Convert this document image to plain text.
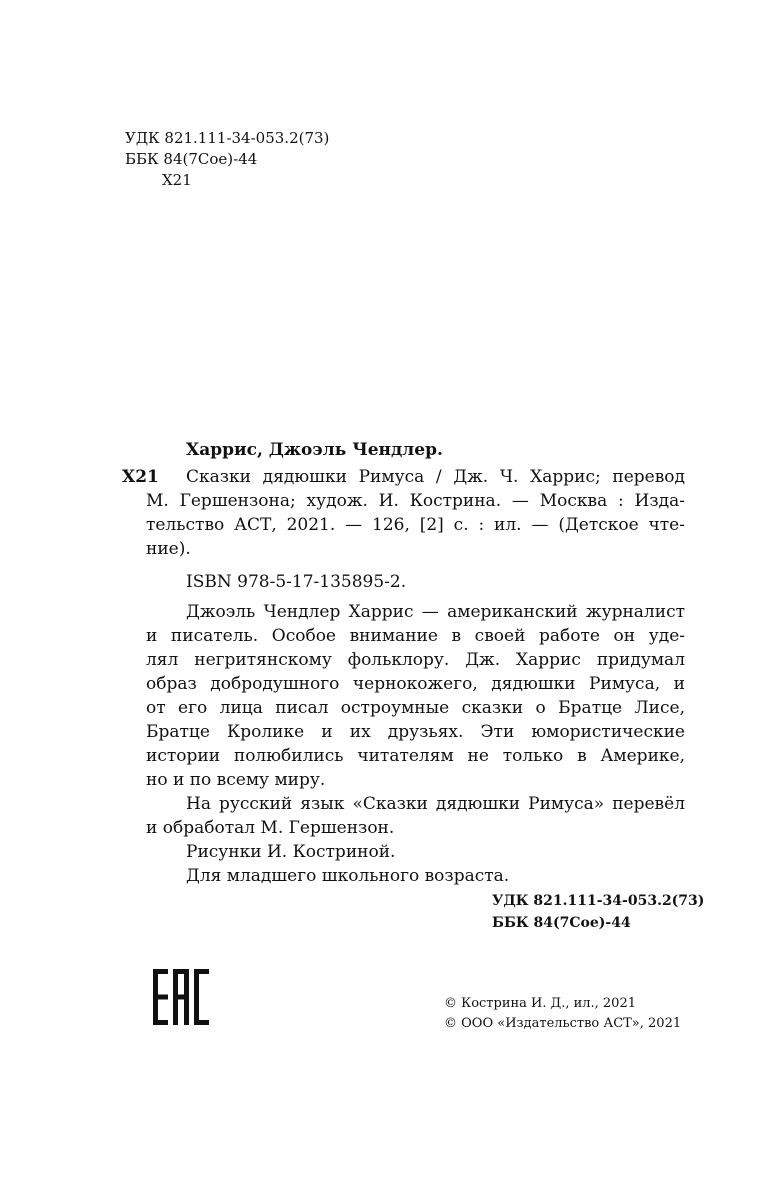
УДК 821.111-34-053.2(73)
ББК 84(7Сое)-44
Х21
Харрис, Джоэль Чендлер.
Х21 Сказки дядюшки Римуса / Дж. Ч. Харрис; перевод
М. Гершензона; худож. И. Кострина. — Москва : Изда-
тельство АСТ, 2021. — 126, [2] с. : ил. — (Детское чте-
ние).
ISBN 978-5-17-135895-2.
Джоэль Чендлер Харрис — американский журналист
и писатель. Особое внимание в своей работе он уде-
лял негритянскому фольклору. Дж. Харрис придумал
образ добродушного чернокожего, дядюшки Римуса, и
от его лица писал остроумные сказки о Братце Лисе,
Братце Кролике и их друзьях. Эти юмористические
истории полюбились читателям не только в Америке,
но и по всему миру.
На русский язык «Сказки дядюшки Римуса» перевёл
и обработал М. Гершензон.
Рисунки И. Костриной.
Для младшего школьного возраста.
УДК 821.111-34-053.2(73)
ББК 84(7Сое)-44
© Кострина И. Д., ил., 2021
© ООО «Издательство АСТ», 2021
